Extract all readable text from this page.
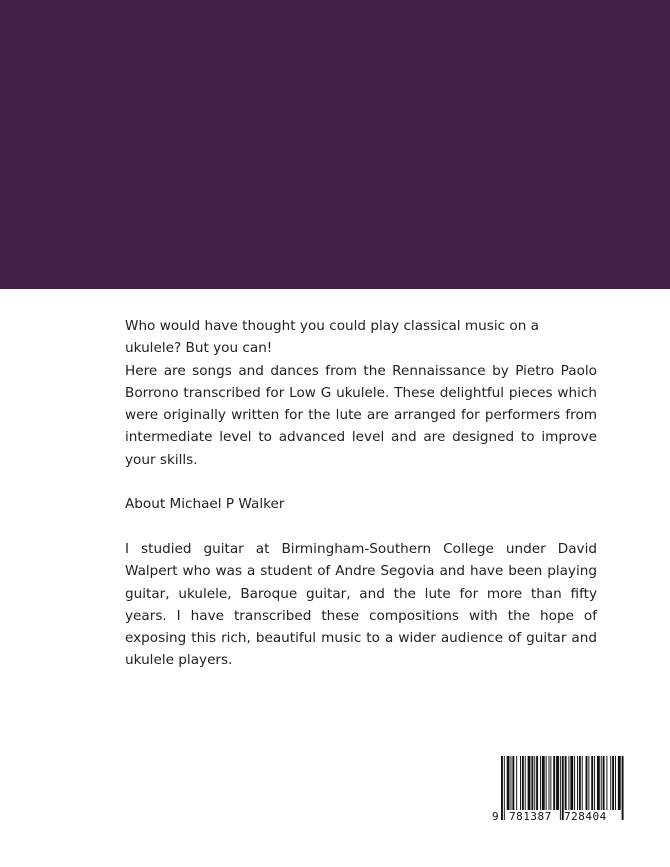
Who would have thought you could play classical music on a

ukulele? But you can!

Here are songs and dances from the Rennaissance by Pietro Paolo Borrono transcribed for Low G ukulele. These delightful pieces which were originally written for the lute are arranged for performers from intermediate level to advanced level and are designed to improve your skills.

About Michael P Walker

I studied guitar at Birmingham-Southern College under David Walpert who was a student of Andre Segovia and have been playing guitar, ukulele, Baroque guitar, and the lute for more than fifty years. I have transcribed these compositions with the hope of exposing this rich, beautiful music to a wider audience of guitar and ukulele players.

9 781387 728404
